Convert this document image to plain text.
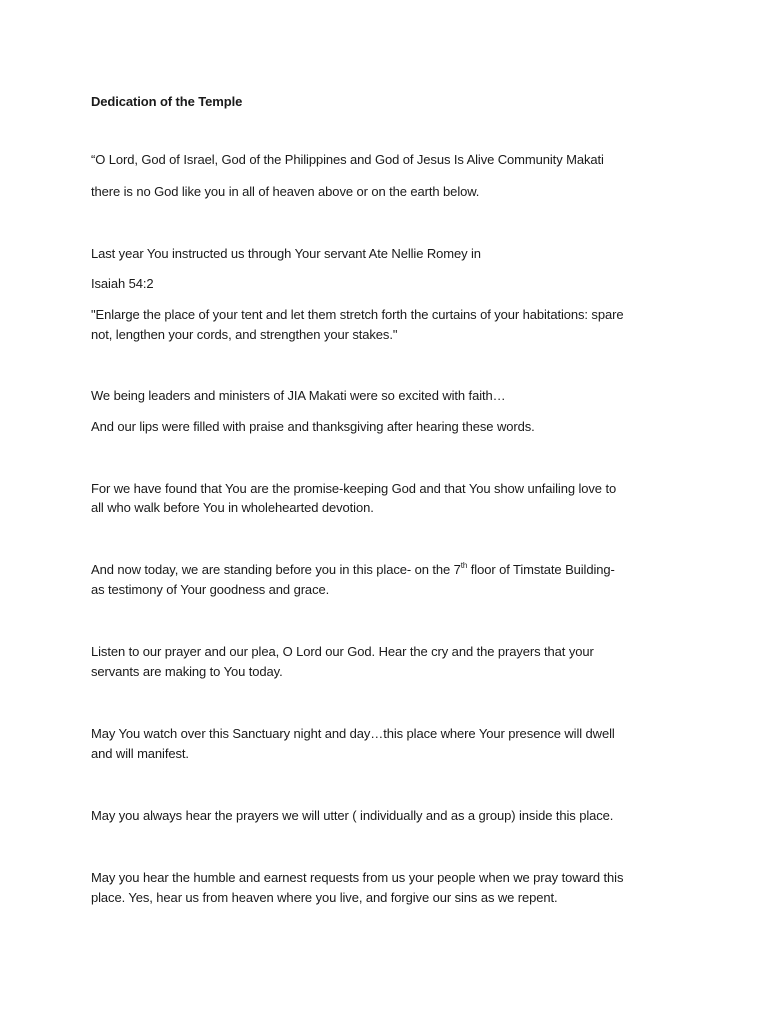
Dedication of the Temple
“O Lord, God of Israel, God of the Philippines and God of Jesus Is Alive Community Makati
there is no God like you in all of heaven above or on the earth below.
Last year You instructed us through Your servant Ate Nellie Romey in
Isaiah 54:2
"Enlarge the place of your tent and let them stretch forth the curtains of your habitations: spare
not, lengthen your cords, and strengthen your stakes."
We being leaders and ministers of JIA Makati were so excited with faith…
And our lips were filled with praise and thanksgiving after hearing these words.
For we have found that You are the promise-keeping God and that You show unfailing love to
all who walk before You in wholehearted devotion.
And now today, we are standing before you in this place- on the 7th floor of Timstate Building-
as testimony of Your goodness and grace.
Listen to our prayer and our plea, O Lord our God. Hear the cry and the prayers that your
servants are making to You today.
May You watch over this Sanctuary night and day…this place where Your presence will dwell
and will manifest.
May you always hear the prayers we will utter ( individually and as a group) inside this place.
May you hear the humble and earnest requests from us your people when we pray toward this
place. Yes, hear us from heaven where you live, and forgive our sins as we repent.
